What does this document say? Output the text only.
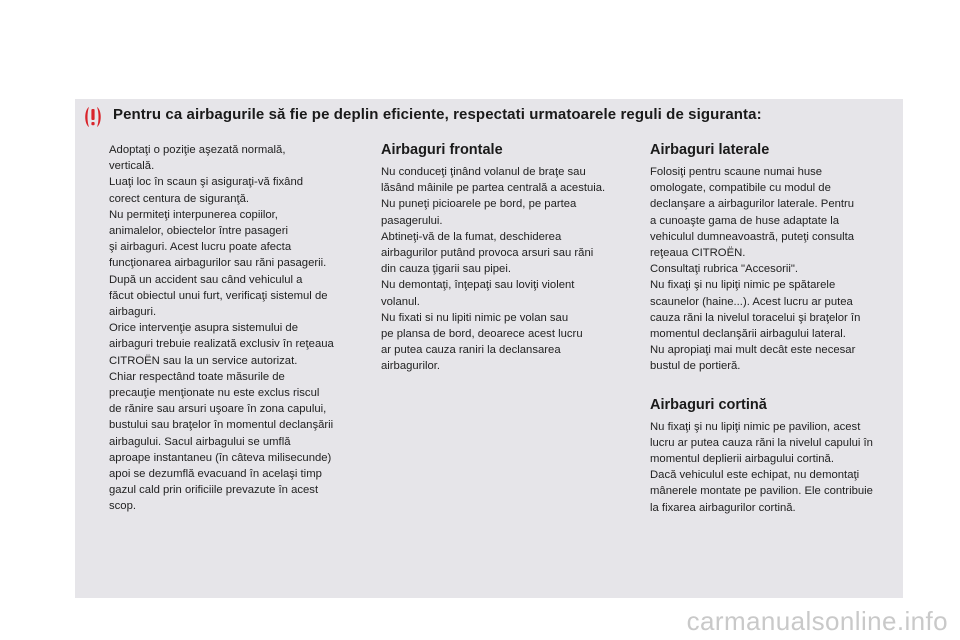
Pentru ca airbagurile să fie pe deplin eficiente, respectati urmatoarele reguli de siguranta:
Adoptaţi o poziţie aşezată normală,
verticală.
Luaţi loc în scaun şi asiguraţi-vă fixând
corect centura de siguranţă.
Nu permiteţi interpunerea copiilor,
animalelor, obiectelor între pasageri
şi airbaguri. Acest lucru poate afecta
funcţionarea airbagurilor sau răni pasagerii.
După un accident sau când vehiculul a
făcut obiectul unui furt, verificaţi sistemul de
airbaguri.
Orice intervenţie asupra sistemului de
airbaguri trebuie realizată exclusiv în reţeaua
CITROËN sau la un service autorizat.
Chiar respectând toate măsurile de
precauţie menţionate nu este exclus riscul
de rănire sau arsuri uşoare în zona capului,
bustului sau braţelor în momentul declanşării
airbagului. Sacul airbagului se umflă
aproape instantaneu (în câteva milisecunde)
apoi se dezumflă evacuand în acelaşi timp
gazul cald prin orificiile prevazute în acest
scop.
Airbaguri frontale
Nu conduceţi ţinând volanul de braţe sau
lăsând mâinile pe partea centrală a acestuia.
Nu puneţi picioarele pe bord, pe partea
pasagerului.
Abtineţi-vă de la fumat, deschiderea
airbagurilor putând provoca arsuri sau răni
din cauza ţigarii sau pipei.
Nu demontaţi, înţepaţi sau loviţi violent
volanul.
Nu fixati si nu lipiti nimic pe volan sau
pe plansa de bord, deoarece acest lucru
ar putea cauza raniri la declansarea
airbagurilor.
Airbaguri laterale
Folosiţi pentru scaune numai huse
omologate, compatibile cu modul de
declanşare a airbagurilor laterale. Pentru
a cunoaşte gama de huse adaptate la
vehiculul dumneavoastră, puteţi consulta
reţeaua CITROËN.
Consultaţi rubrica "Accesorii".
Nu fixaţi şi nu lipiţi nimic pe spătarele
scaunelor (haine...). Acest lucru ar putea
cauza răni la nivelul toracelui şi braţelor în
momentul declanşării airbagului lateral.
Nu apropiaţi mai mult decât este necesar
bustul de portieră.
Airbaguri cortină
Nu fixaţi şi nu lipiţi nimic pe pavilion, acest
lucru ar putea cauza răni la nivelul capului în
momentul deplierii airbagului cortină.
Dacă vehiculul este echipat, nu demontaţi
mânerele montate pe pavilion. Ele contribuie
la fixarea airbagurilor cortină.
carmanualsonline.info
